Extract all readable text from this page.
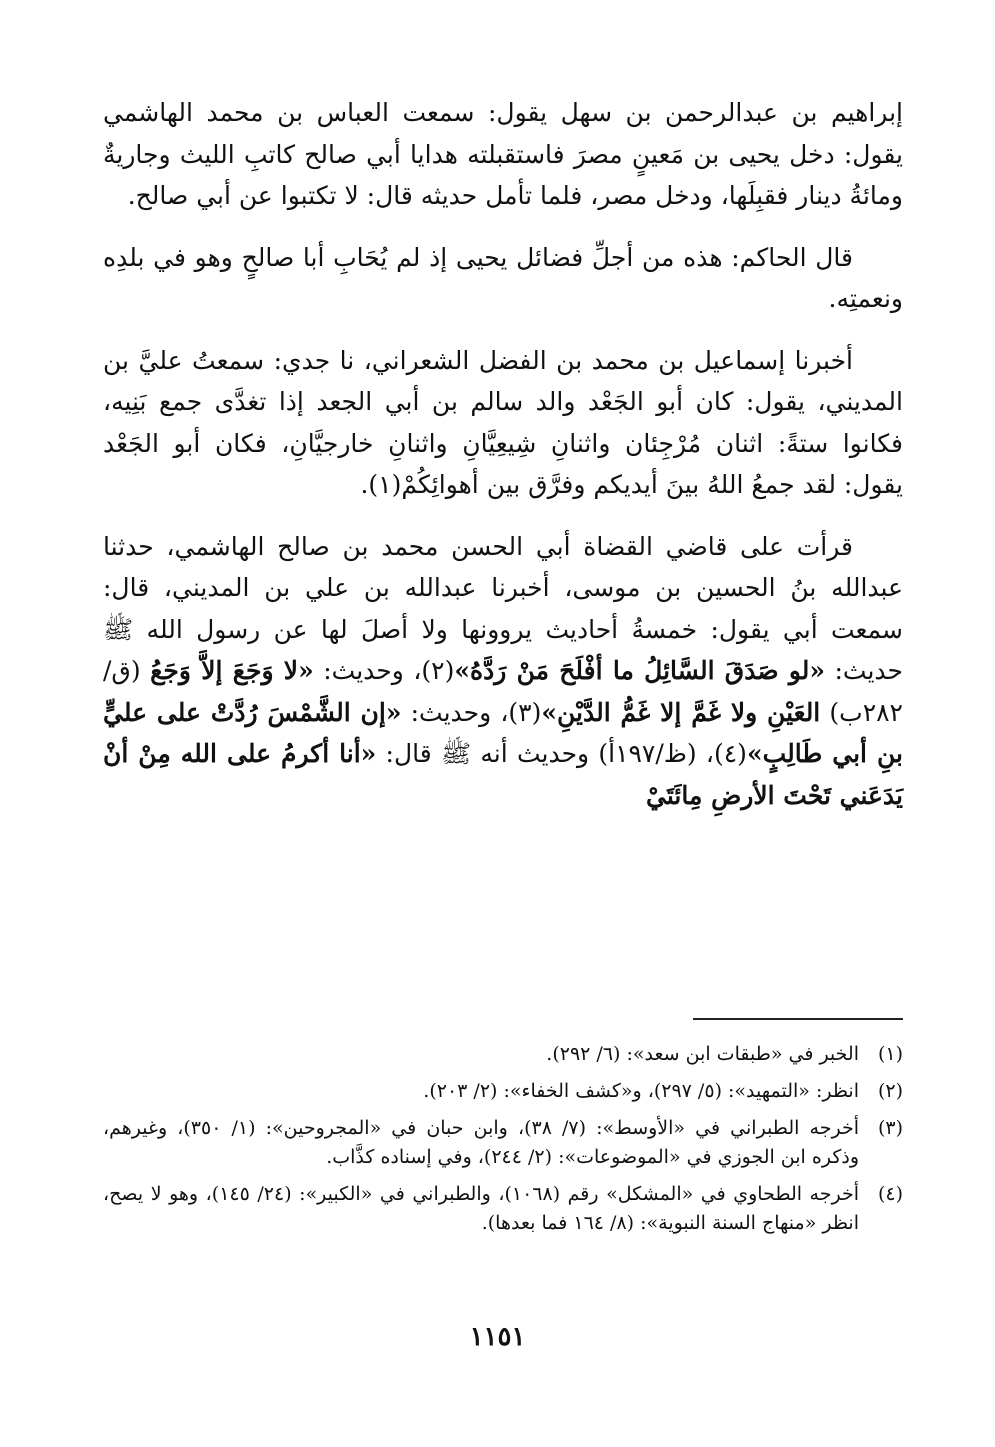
إبراهيم بن عبدالرحمن بن سهل يقول: سمعت العباس بن محمد الهاشمي يقول: دخل يحيى بن مَعينٍ مصرَ فاستقبلته هدايا أبي صالح كاتبِ الليث وجاريةٌ ومائةُ دينار فقبِلَها، ودخل مصر، فلما تأمل حديثه قال: لا تكتبوا عن أبي صالح.

قال الحاكم: هذه من أجلِّ فضائل يحيى إذ لم يُحَابِ أبا صالحٍ وهو في بلدِه ونعمتِه.

أخبرنا إسماعيل بن محمد بن الفضل الشعراني، نا جدي: سمعتُ عليَّ بن المديني، يقول: كان أبو الجَعْد والد سالم بن أبي الجعد إذا تغدَّى جمع بَنِيه، فكانوا ستةً: اثنان مُرْجِئان واثنانِ شِيعِيَّانِ واثنانِ خارجيَّانِ، فكان أبو الجَعْد يقول: لقد جمعُ اللهُ بينَ أيديكم وفرَّق بين أهوائِكُمْ(١).

قرأت على قاضي القضاة أبي الحسن محمد بن صالح الهاشمي، حدثنا عبدالله بنُ الحسين بن موسى، أخبرنا عبدالله بن علي بن المديني، قال: سمعت أبي يقول: خمسةُ أحاديث يروونها ولا أصلَ لها عن رسول الله ﷺ حديث: «لو صَدَقَ السَّائِلُ ما أفْلَحَ مَنْ رَدَّهُ»(٢)، وحديث: «لا وَجَعَ إلاَّ وَجَعُ (ق/٢٨٢ب) العَيْنِ ولا غَمَّ إلا غَمُّ الدَّيْنِ»(٣)، وحديث: «إن الشَّمْسَ رُدَّتْ على عليٍّ بنِ أبي طَالِبٍ»(٤)، (ظ/١٩٧أ) وحديث أنه ﷺ قال: «أنا أكرمُ على الله مِنْ أنْ يَدَعَني تَحْتَ الأرضِ مِائَتَيْ

(١)
الخبر في «طبقات ابن سعد»: (٦/ ٢٩٢).
(٢)
انظر: «التمهيد»: (٥/ ٢٩٧)، و«كشف الخفاء»: (٢/ ٢٠٣).
(٣)
أخرجه الطبراني في «الأوسط»: (٧/ ٣٨)، وابن حبان في «المجروحين»: (١/ ٣٥٠)، وغيرهم، وذكره ابن الجوزي في «الموضوعات»: (٢/ ٢٤٤)، وفي إسناده كذَّاب.
(٤)
أخرجه الطحاوي في «المشكل» رقم (١٠٦٨)، والطبراني في «الكبير»: (٢٤/ ١٤٥)، وهو لا يصح، انظر «منهاج السنة النبوية»: (٨/ ١٦٤ فما بعدها).
١١٥١
